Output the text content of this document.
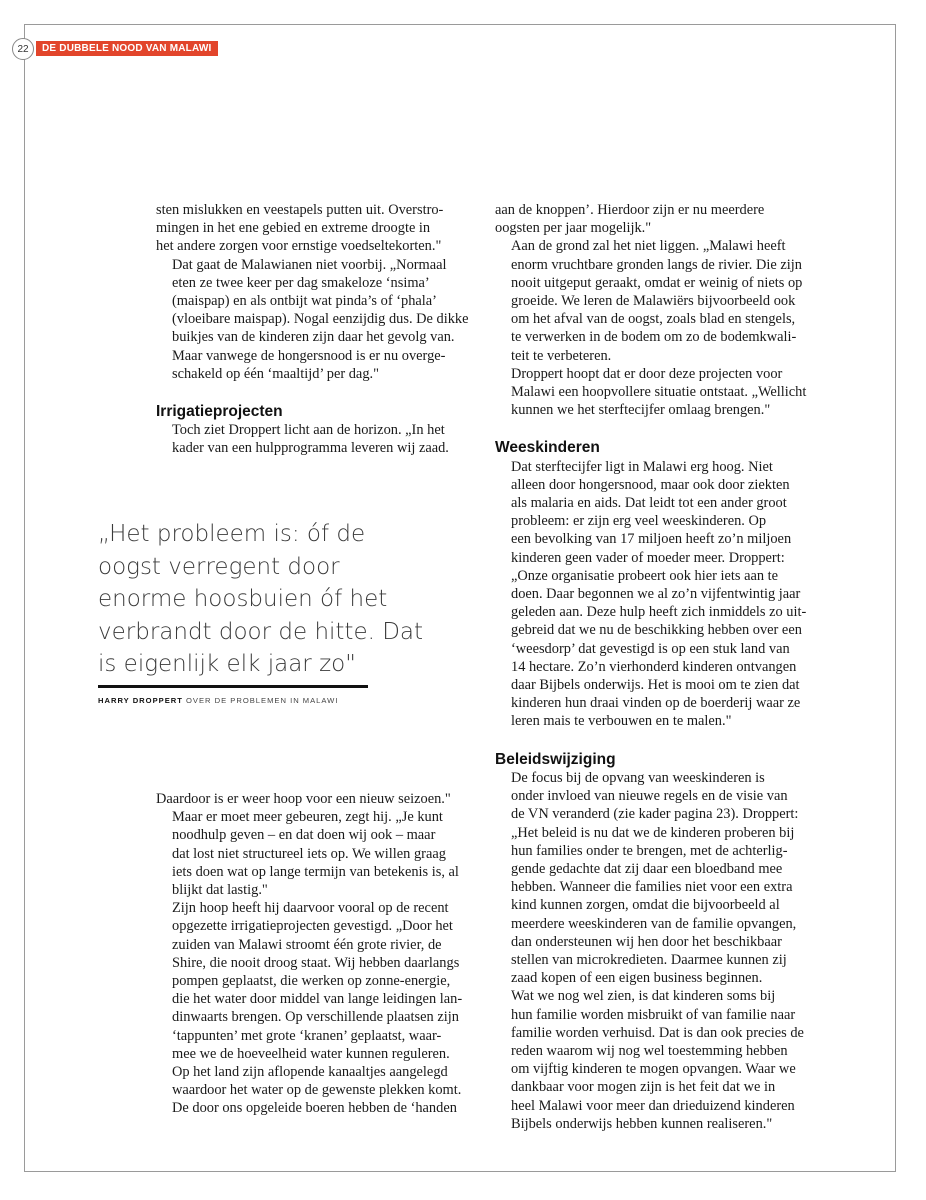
22	DE DUBBELE NOOD VAN MALAWI

sten mislukken en veestapels putten uit. Overstro-
mingen in het ene gebied en extreme droogte in
het andere zorgen voor ernstige voedseltekorten."

Dat gaat de Malawianen niet voorbij. „Normaal
eten ze twee keer per dag smakeloze ‘nsima’
(maispap) en als ontbijt wat pinda’s of ‘phala’
(vloeibare maispap). Nogal eenzijdig dus. De dikke
buikjes van de kinderen zijn daar het gevolg van.
Maar vanwege de hongersnood is er nu overge-
schakeld op één ‘maaltijd’ per dag."

Irrigatieprojecten

Toch ziet Droppert licht aan de horizon. „In het
kader van een hulpprogramma leveren wij zaad.

„Het probleem is: óf de
oogst verregent door
enorme hoosbuien óf het
verbrandt door de hitte. Dat
is eigenlijk elk jaar zo"
HARRY DROPPERT OVER DE PROBLEMEN IN MALAWI

Daardoor is er weer hoop voor een nieuw seizoen."

Maar er moet meer gebeuren, zegt hij. „Je kunt
noodhulp geven – en dat doen wij ook – maar
dat lost niet structureel iets op. We willen graag
iets doen wat op lange termijn van betekenis is, al
blijkt dat lastig."

Zijn hoop heeft hij daarvoor vooral op de recent
opgezette irrigatieprojecten gevestigd. „Door het
zuiden van Malawi stroomt één grote rivier, de
Shire, die nooit droog staat. Wij hebben daarlangs
pompen geplaatst, die werken op zonne-energie,
die het water door middel van lange leidingen lan-
dinwaarts brengen. Op verschillende plaatsen zijn
‘tappunten’ met grote ‘kranen’ geplaatst, waar-
mee we de hoeveelheid water kunnen reguleren.
Op het land zijn aflopende kanaaltjes aangelegd
waardoor het water op de gewenste plekken komt.
De door ons opgeleide boeren hebben de ‘handen

aan de knoppen’. Hierdoor zijn er nu meerdere
oogsten per jaar mogelijk."

Aan de grond zal het niet liggen. „Malawi heeft
enorm vruchtbare gronden langs de rivier. Die zijn
nooit uitgeput geraakt, omdat er weinig of niets op
groeide. We leren de Malawiërs bijvoorbeeld ook
om het afval van de oogst, zoals blad en stengels,
te verwerken in de bodem om zo de bodemkwali-
teit te verbeteren.

Droppert hoopt dat er door deze projecten voor
Malawi een hoopvollere situatie ontstaat. „Wellicht
kunnen we het sterftecijfer omlaag brengen."

Weeskinderen

Dat sterftecijfer ligt in Malawi erg hoog. Niet
alleen door hongersnood, maar ook door ziekten
als malaria en aids. Dat leidt tot een ander groot
probleem: er zijn erg veel weeskinderen. Op
een bevolking van 17 miljoen heeft zo’n miljoen
kinderen geen vader of moeder meer. Droppert:
„Onze organisatie probeert ook hier iets aan te
doen. Daar begonnen we al zo’n vijfentwintig jaar
geleden aan. Deze hulp heeft zich inmiddels zo uit-
gebreid dat we nu de beschikking hebben over een
‘weesdorp’ dat gevestigd is op een stuk land van
14 hectare. Zo’n vierhonderd kinderen ontvangen
daar Bijbels onderwijs. Het is mooi om te zien dat
kinderen hun draai vinden op de boerderij waar ze
leren mais te verbouwen en te malen."

Beleidswijziging

De focus bij de opvang van weeskinderen is
onder invloed van nieuwe regels en de visie van
de VN veranderd (zie kader pagina 23). Droppert:
„Het beleid is nu dat we de kinderen proberen bij
hun families onder te brengen, met de achterlig-
gende gedachte dat zij daar een bloedband mee
hebben. Wanneer die families niet voor een extra
kind kunnen zorgen, omdat die bijvoorbeeld al
meerdere weeskinderen van de familie opvangen,
dan ondersteunen wij hen door het beschikbaar
stellen van microkredieten. Daarmee kunnen zij
zaad kopen of een eigen business beginnen.

Wat we nog wel zien, is dat kinderen soms bij
hun familie worden misbruikt of van familie naar
familie worden verhuisd. Dat is dan ook precies de
reden waarom wij nog wel toestemming hebben
om vijftig kinderen te mogen opvangen. Waar we
dankbaar voor mogen zijn is het feit dat we in
heel Malawi voor meer dan drieduizend kinderen
Bijbels onderwijs hebben kunnen realiseren."
